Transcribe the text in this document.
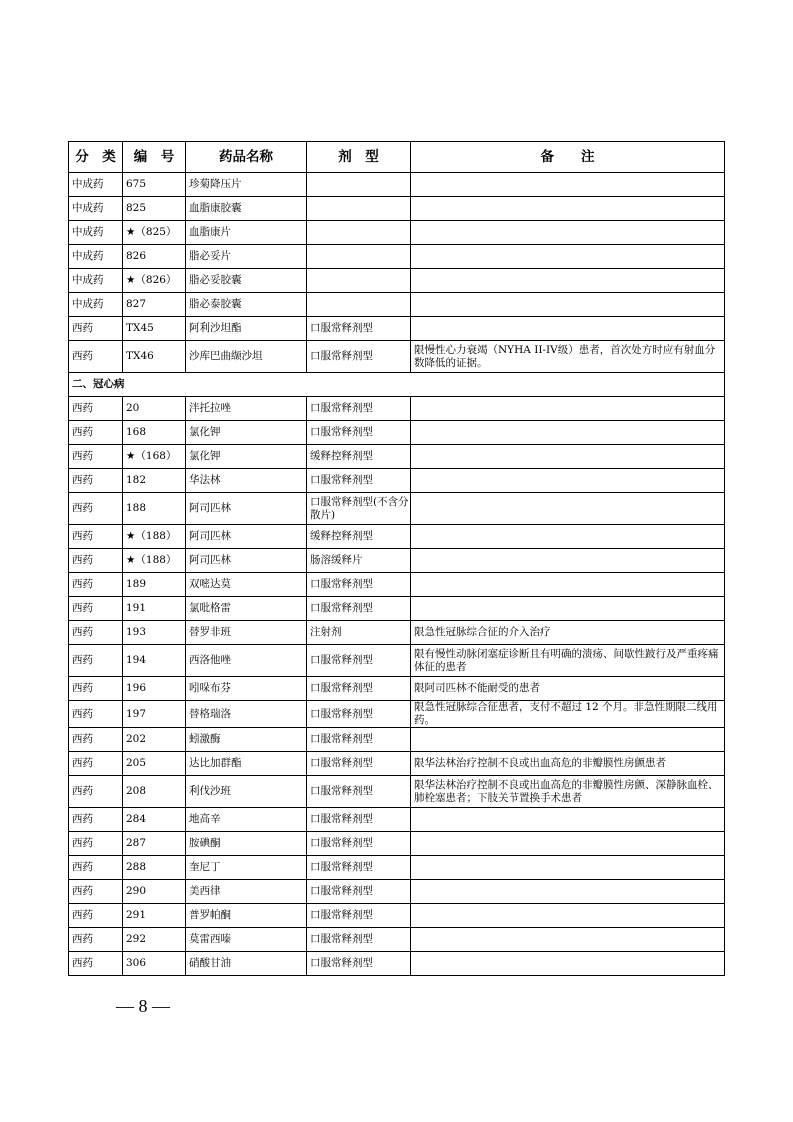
分　类	编　号	药品名称	剂　型	备　　注
中成药	675	珍菊降压片		
中成药	825	血脂康胶囊		
中成药	★（825）	血脂康片		
中成药	826	脂必妥片		
中成药	★（826）	脂必妥胶囊		
中成药	827	脂必泰胶囊		
西药	TX45	阿利沙坦酯	口服常释剂型	
西药	TX46	沙库巴曲缬沙坦	口服常释剂型	限慢性心力衰竭（NYHA II-IV级）患者，首次处方时应有射血分数降低的证据。
二、冠心病				
西药	20	泮托拉唑	口服常释剂型	
西药	168	氯化钾	口服常释剂型	
西药	★（168）	氯化钾	缓释控释剂型	
西药	182	华法林	口服常释剂型	
西药	188	阿司匹林	口服常释剂型(不含分散片)	
西药	★（188）	阿司匹林	缓释控释剂型	
西药	★（188）	阿司匹林	肠溶缓释片	
西药	189	双嘧达莫	口服常释剂型	
西药	191	氯吡格雷	口服常释剂型	
西药	193	替罗非班	注射剂	限急性冠脉综合征的介入治疗
西药	194	西洛他唑	口服常释剂型	限有慢性动脉闭塞症诊断且有明确的溃疡、间歇性跛行及严重疼痛体征的患者
西药	196	吲哚布芬	口服常释剂型	限阿司匹林不能耐受的患者
西药	197	替格瑞洛	口服常释剂型	限急性冠脉综合征患者，支付不超过 12 个月。非急性期限二线用药。
西药	202	蚓激酶	口服常释剂型	
西药	205	达比加群酯	口服常释剂型	限华法林治疗控制不良或出血高危的非瓣膜性房颤患者
西药	208	利伐沙班	口服常释剂型	限华法林治疗控制不良或出血高危的非瓣膜性房颤、深静脉血栓、肺栓塞患者；下肢关节置换手术患者
西药	284	地高辛	口服常释剂型	
西药	287	胺碘酮	口服常释剂型	
西药	288	奎尼丁	口服常释剂型	
西药	290	美西律	口服常释剂型	
西药	291	普罗帕酮	口服常释剂型	
西药	292	莫雷西嗪	口服常释剂型	
西药	306	硝酸甘油	口服常释剂型	
— 8 —
